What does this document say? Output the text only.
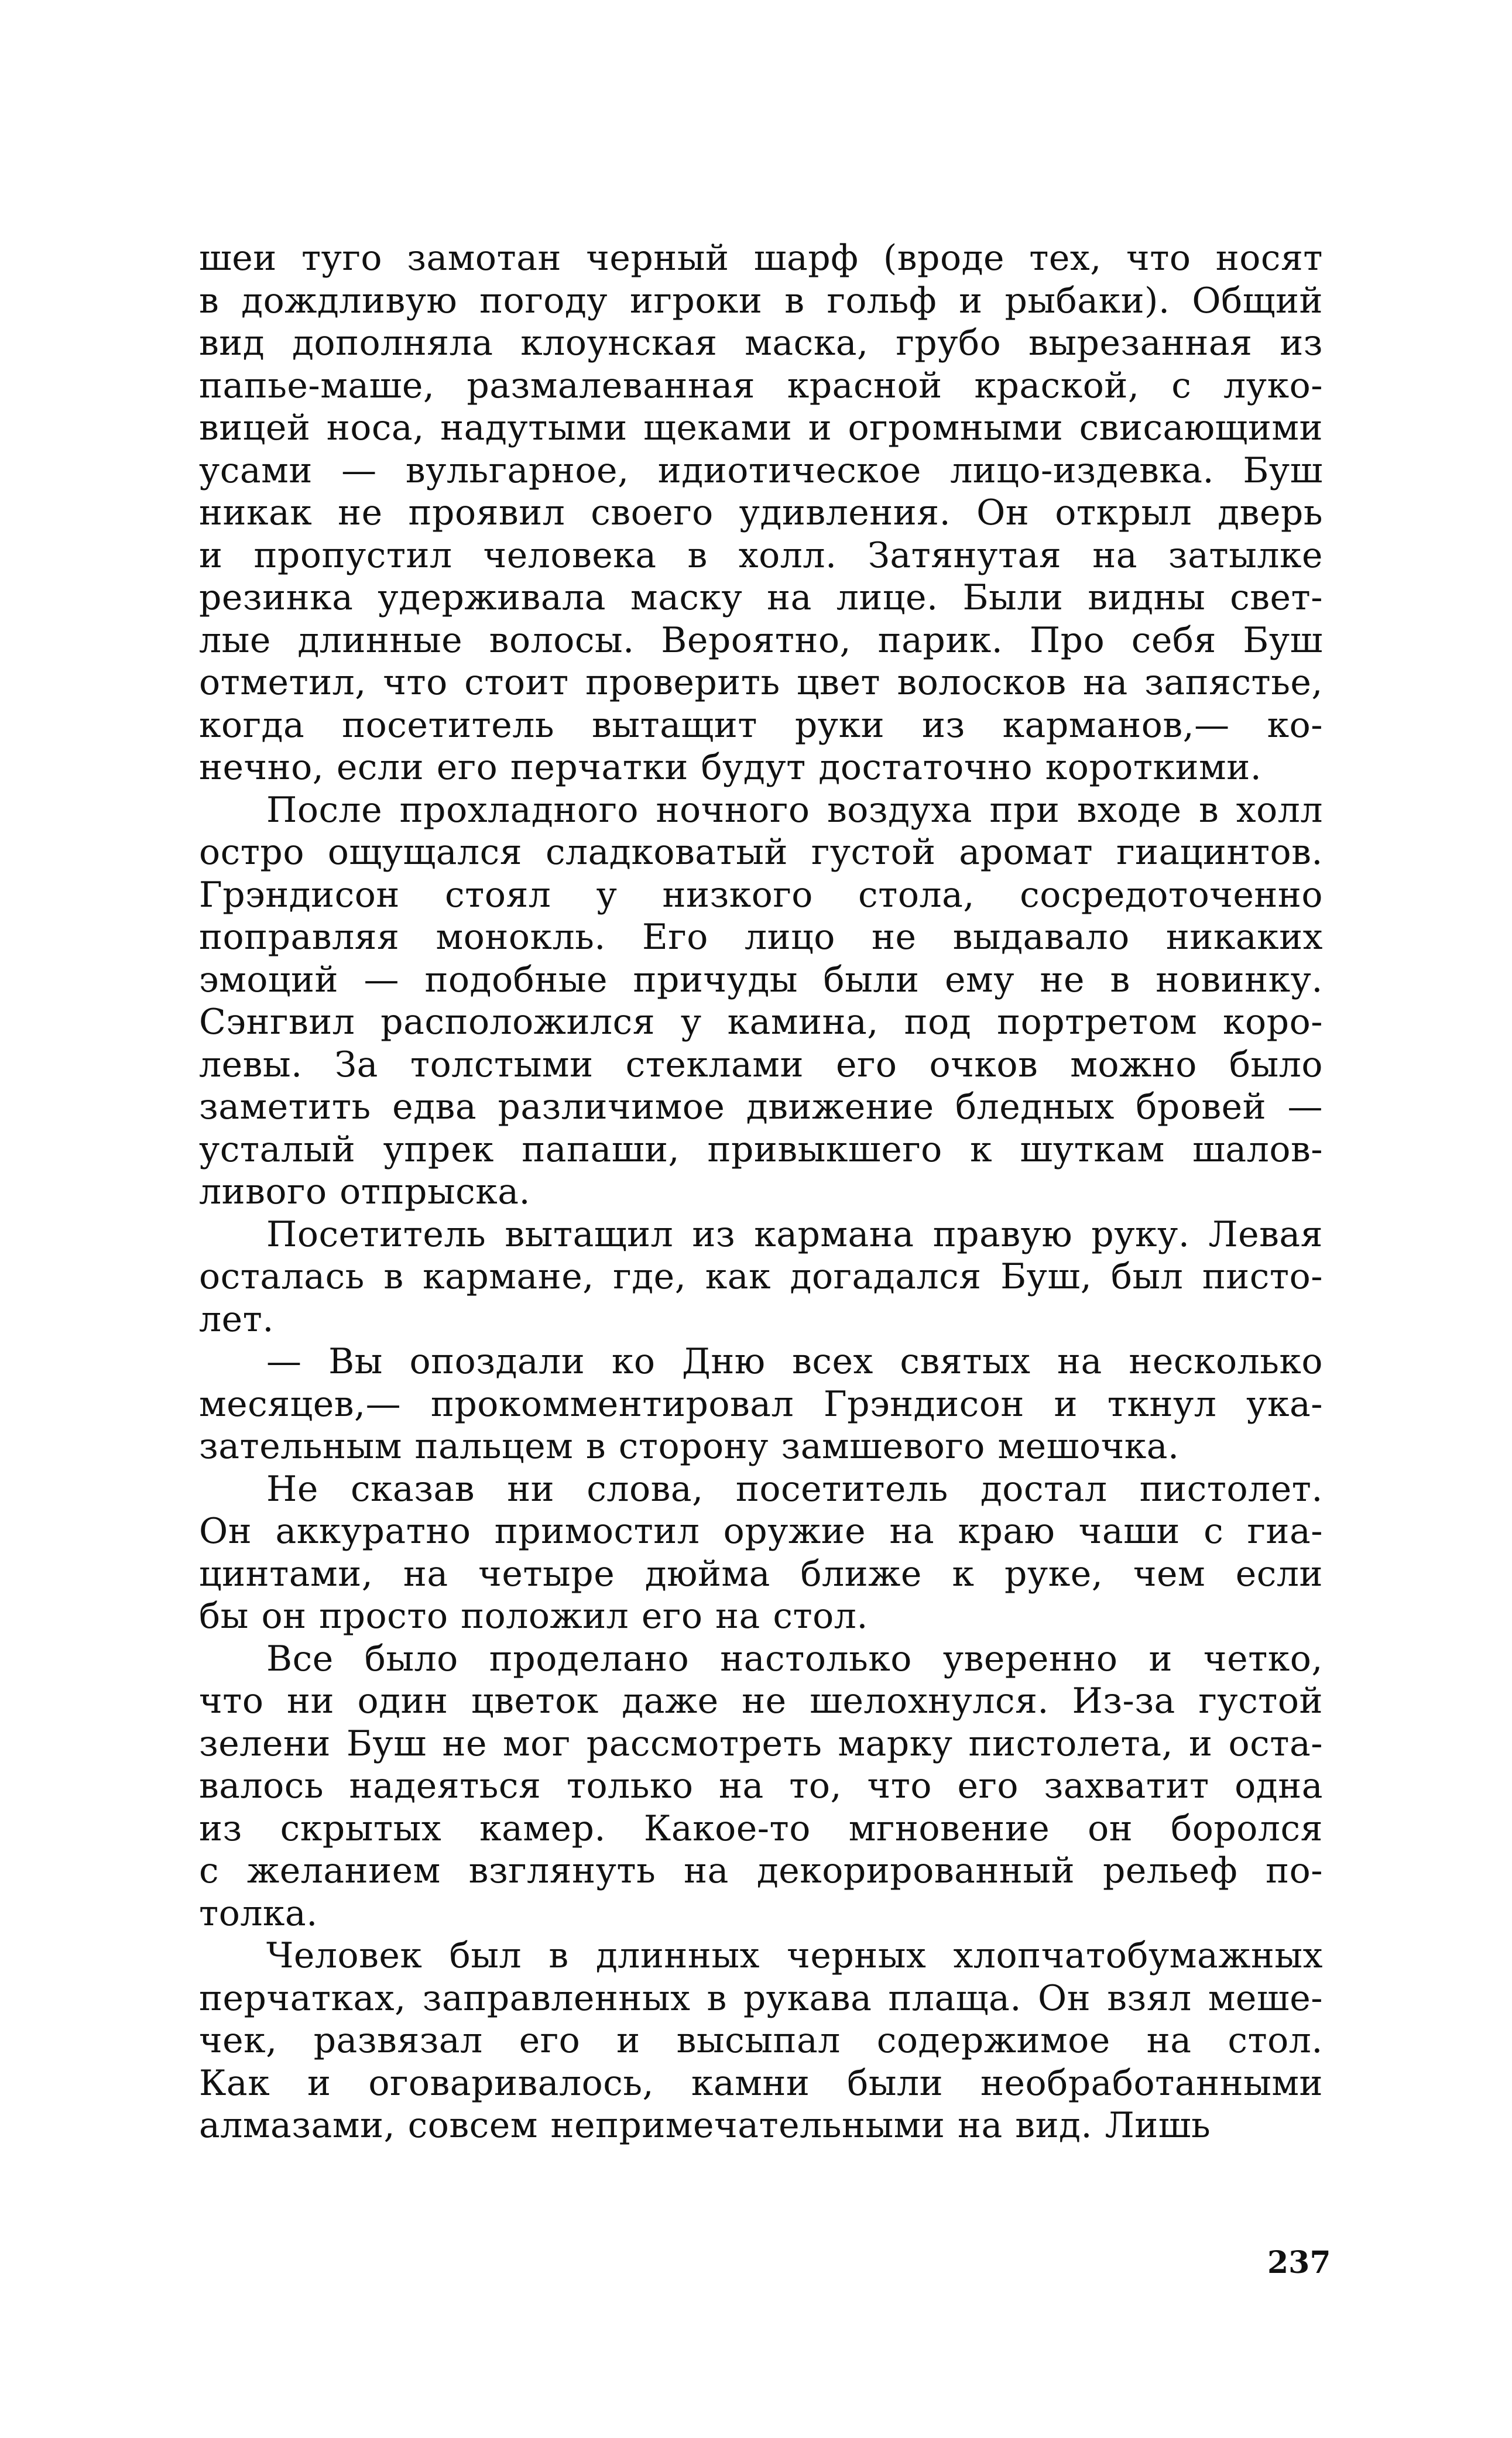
шеи туго замотан черный шарф (вроде тех, что носят
в дождливую погоду игроки в гольф и рыбаки). Общий
вид дополняла клоунская маска, грубо вырезанная из
папье-маше, размалеванная красной краской, с луко-
вицей носа, надутыми щеками и огромными свисающими
усами — вульгарное, идиотическое лицо-издевка. Буш
никак не проявил своего удивления. Он открыл дверь
и пропустил человека в холл. Затянутая на затылке
резинка удерживала маску на лице. Были видны свет-
лые длинные волосы. Вероятно, парик. Про себя Буш
отметил, что стоит проверить цвет волосков на запястье,
когда посетитель вытащит руки из карманов,— ко-
нечно, если его перчатки будут достаточно короткими.
После прохладного ночного воздуха при входе в холл
остро ощущался сладковатый густой аромат гиацинтов.
Грэндисон стоял у низкого стола, сосредоточенно
поправляя монокль. Его лицо не выдавало никаких
эмоций — подобные причуды были ему не в новинку.
Сэнгвил расположился у камина, под портретом коро-
левы. За толстыми стеклами его очков можно было
заметить едва различимое движение бледных бровей —
усталый упрек папаши, привыкшего к шуткам шалов-
ливого отпрыска.
Посетитель вытащил из кармана правую руку. Левая
осталась в кармане, где, как догадался Буш, был писто-
лет.
— Вы опоздали ко Дню всех святых на несколько
месяцев,— прокомментировал Грэндисон и ткнул ука-
зательным пальцем в сторону замшевого мешочка.
Не сказав ни слова, посетитель достал пистолет.
Он аккуратно примостил оружие на краю чаши с гиа-
цинтами, на четыре дюйма ближе к руке, чем если
бы он просто положил его на стол.
Все было проделано настолько уверенно и четко,
что ни один цветок даже не шелохнулся. Из-за густой
зелени Буш не мог рассмотреть марку пистолета, и оста-
валось надеяться только на то, что его захватит одна
из скрытых камер. Какое-то мгновение он боролся
с желанием взглянуть на декорированный рельеф по-
толка.
Человек был в длинных черных хлопчатобумажных
перчатках, заправленных в рукава плаща. Он взял меше-
чек, развязал его и высыпал содержимое на стол.
Как и оговаривалось, камни были необработанными
алмазами, совсем непримечательными на вид. Лишь
237
